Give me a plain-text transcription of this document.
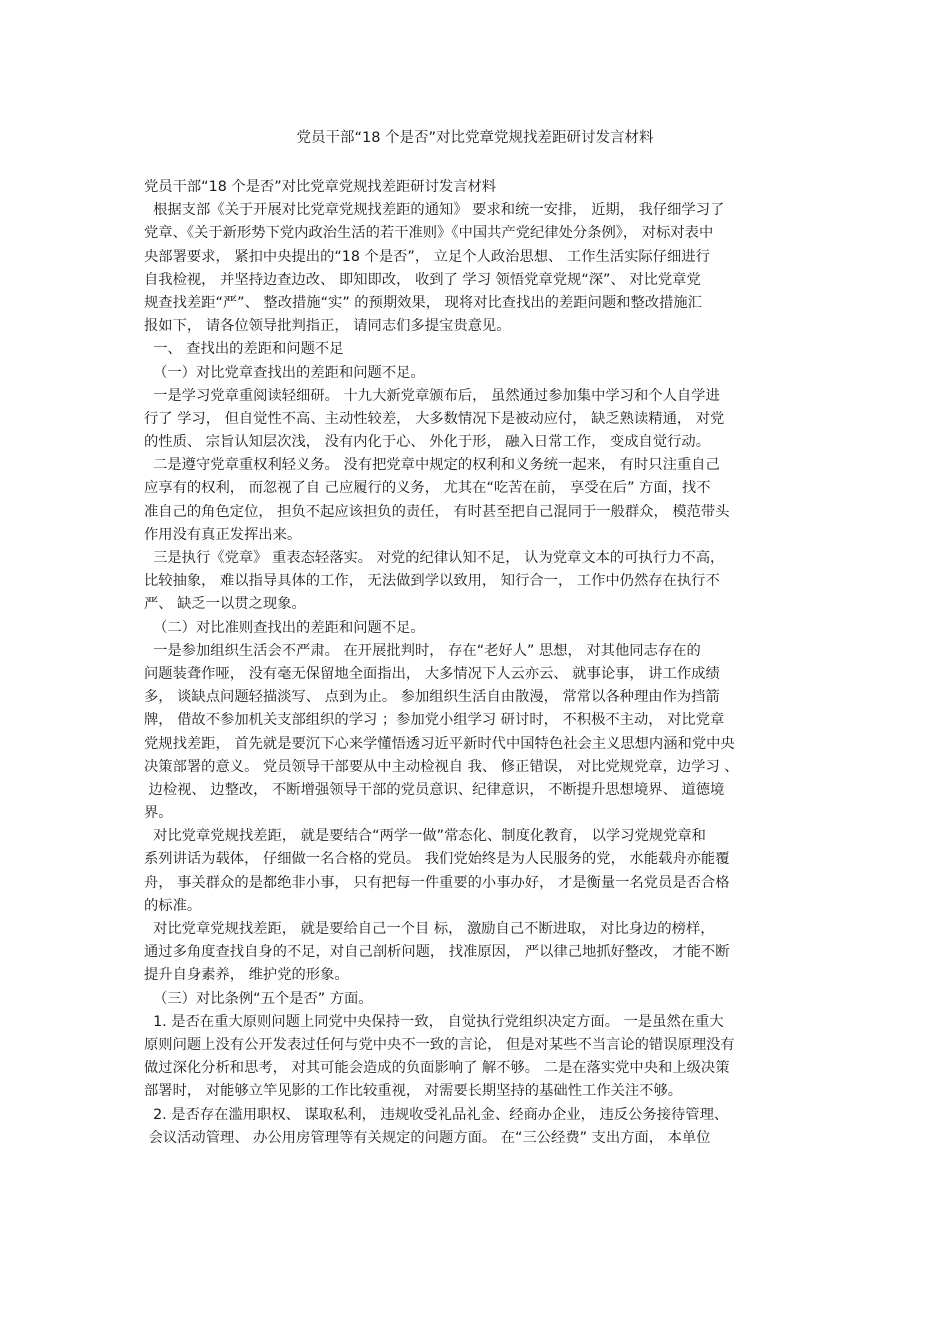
党员干部“18 个是否”对比党章党规找差距研讨发言材料

党员干部“18 个是否”对比党章党规找差距研讨发言材料

根据支部《关于开展对比党章党规找差距的通知》 要求和统一安排， 近期， 我仔细学习了

党章、《关于新形势下党内政治生活的若干准则》《中国共产党纪律处分条例》， 对标对表中

央部署要求， 紧扣中央提出的“18 个是否”， 立足个人政治思想、 工作生活实际仔细进行

自我检视， 并坚持边查边改、 即知即改， 收到了 学习 领悟党章党规“深”、 对比党章党

规查找差距“严”、 整改措施“实” 的预期效果， 现将对比查找出的差距问题和整改措施汇

报如下， 请各位领导批判指正， 请同志们多提宝贵意见。

一、 查找出的差距和问题不足

（一）对比党章查找出的差距和问题不足。

一是学习党章重阅读轻细研。 十九大新党章颁布后， 虽然通过参加集中学习和个人自学进

行了 学习， 但自觉性不高、主动性较差， 大多数情况下是被动应付， 缺乏熟读精通， 对党

的性质、 宗旨认知层次浅， 没有内化于心、 外化于形， 融入日常工作， 变成自觉行动。

二是遵守党章重权利轻义务。 没有把党章中规定的权利和义务统一起来， 有时只注重自己

应享有的权利， 而忽视了自 己应履行的义务， 尤其在“吃苦在前， 享受在后” 方面，找不

准自己的角色定位， 担负不起应该担负的责任， 有时甚至把自己混同于一般群众， 模范带头

作用没有真正发挥出来。

三是执行《党章》 重表态轻落实。 对党的纪律认知不足， 认为党章文本的可执行力不高，

比较抽象， 难以指导具体的工作， 无法做到学以致用， 知行合一， 工作中仍然存在执行不

严、 缺乏一以贯之现象。

（二）对比准则查找出的差距和问题不足。

一是参加组织生活会不严肃。 在开展批判时， 存在“老好人” 思想， 对其他同志存在的

问题装聋作哑， 没有毫无保留地全面指出， 大多情况下人云亦云、 就事论事， 讲工作成绩

多， 谈缺点问题轻描淡写、 点到为止。 参加组织生活自由散漫， 常常以各种理由作为挡箭

牌， 借故不参加机关支部组织的学习 ；参加党小组学习 研讨时， 不积极不主动， 对比党章

党规找差距， 首先就是要沉下心来学懂悟透习近平新时代中国特色社会主义思想内涵和党中央

决策部署的意义。 党员领导干部要从中主动检视自 我、 修正错误， 对比党规党章，边学习 、

边检视、 边整改， 不断增强领导干部的党员意识、纪律意识， 不断提升思想境界、 道德境

界。

对比党章党规找差距， 就是要结合“两学一做”常态化、制度化教育， 以学习党规党章和

系列讲话为载体， 仔细做一名合格的党员。 我们党始终是为人民服务的党， 水能载舟亦能覆

舟， 事关群众的是都绝非小事， 只有把每一件重要的小事办好， 才是衡量一名党员是否合格

的标准。

对比党章党规找差距， 就是要给自己一个目 标， 激励自己不断进取， 对比身边的榜样，

通过多角度查找自身的不足，对自己剖析问题， 找准原因， 严以律己地抓好整改， 才能不断

提升自身素养， 维护党的形象。

（三）对比条例“五个是否” 方面。

1. 是否在重大原则问题上同党中央保持一致， 自觉执行党组织决定方面。 一是虽然在重大

原则问题上没有公开发表过任何与党中央不一致的言论， 但是对某些不当言论的错误原理没有

做过深化分析和思考， 对其可能会造成的负面影响了 解不够。 二是在落实党中央和上级决策

部署时， 对能够立竿见影的工作比较重视， 对需要长期坚持的基础性工作关注不够。

2. 是否存在滥用职权、 谋取私利， 违规收受礼品礼金、经商办企业， 违反公务接待管理、

会议活动管理、 办公用房管理等有关规定的问题方面。 在“三公经费” 支出方面， 本单位
